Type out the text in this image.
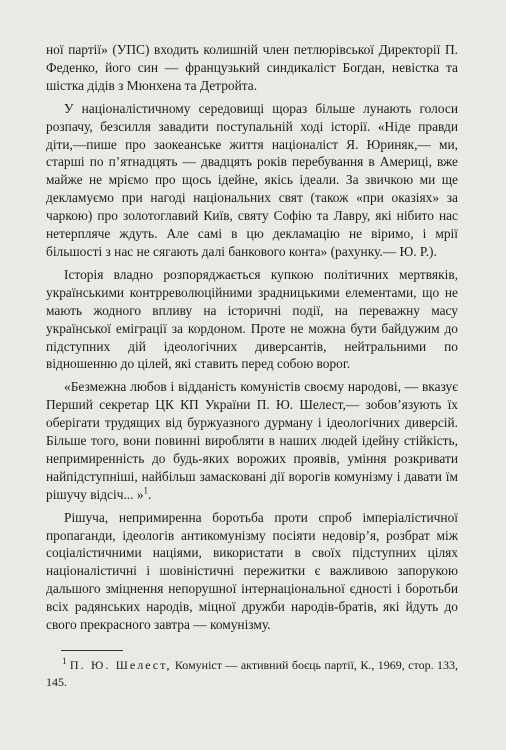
ної партії» (УПС) входить колишній член петлюрівської Директорії П. Феденко, його син — французький синдикаліст Богдан, невістка та шістка дідів з Мюнхена та Детройта.

У націоналістичному середовищі щораз більше лунають голоси розпачу, безсилля завадити поступальній ході історії. «Ніде правди діти,—пише про заокеанське життя націоналіст Я. Юриняк,— ми, старші по п’ятнадцять — двадцять років перебування в Америці, вже майже не мріємо про щось ідейне, якісь ідеали. За звичкою ми ще декламуємо при нагоді національних свят (також «при оказіях» за чаркою) про золотоглавий Київ, святу Софію та Лавру, які нібито нас нетерпляче ждуть. Але самі в цю декламацію не віримо, і мрії більшості з нас не сягають далі банкового конта» (рахунку.— Ю. Р.).

Історія владно розпоряджається купкою політичних мертвяків, українськими контрреволюційними зрадницькими елементами, що не мають жодного впливу на історичні події, на переважну масу української еміграції за кордоном. Проте не можна бути байдужим до підступних дій ідеологічних диверсантів, нейтральними по відношенню до цілей, які ставить перед собою ворог.

«Безмежна любов і відданість комуністів своєму народові, — вказує Перший секретар ЦК КП України П. Ю. Шелест,— зобов’язують їх оберігати трудящих від буржуазного дурману і ідеологічних диверсій. Більше того, вони повинні виробляти в наших людей ідейну стійкість, непримиренність до будь-яких ворожих проявів, уміння розкривати найпідступніші, найбільш замасковані дії ворогів комунізму і давати їм рішучу відсіч... »$^1$.

Рішуча, непримиренна боротьба проти спроб імперіалістичної пропаганди, ідеологів антикомунізму посіяти недовір’я, розбрат між соціалістичними націями, використати в своїх підступних цілях націоналістичні і шовіністичні пережитки є важливою запорукою дальшого зміцнення непорушної інтернаціональної єдності і боротьби всіх радянських народів, міцної дружби народів-братів, які йдуть до свого прекрасного завтра — комунізму.

$^1$ П. Ю. Шелест, Комуніст — активний боєць партії, К., 1969, стор. 133, 145.
